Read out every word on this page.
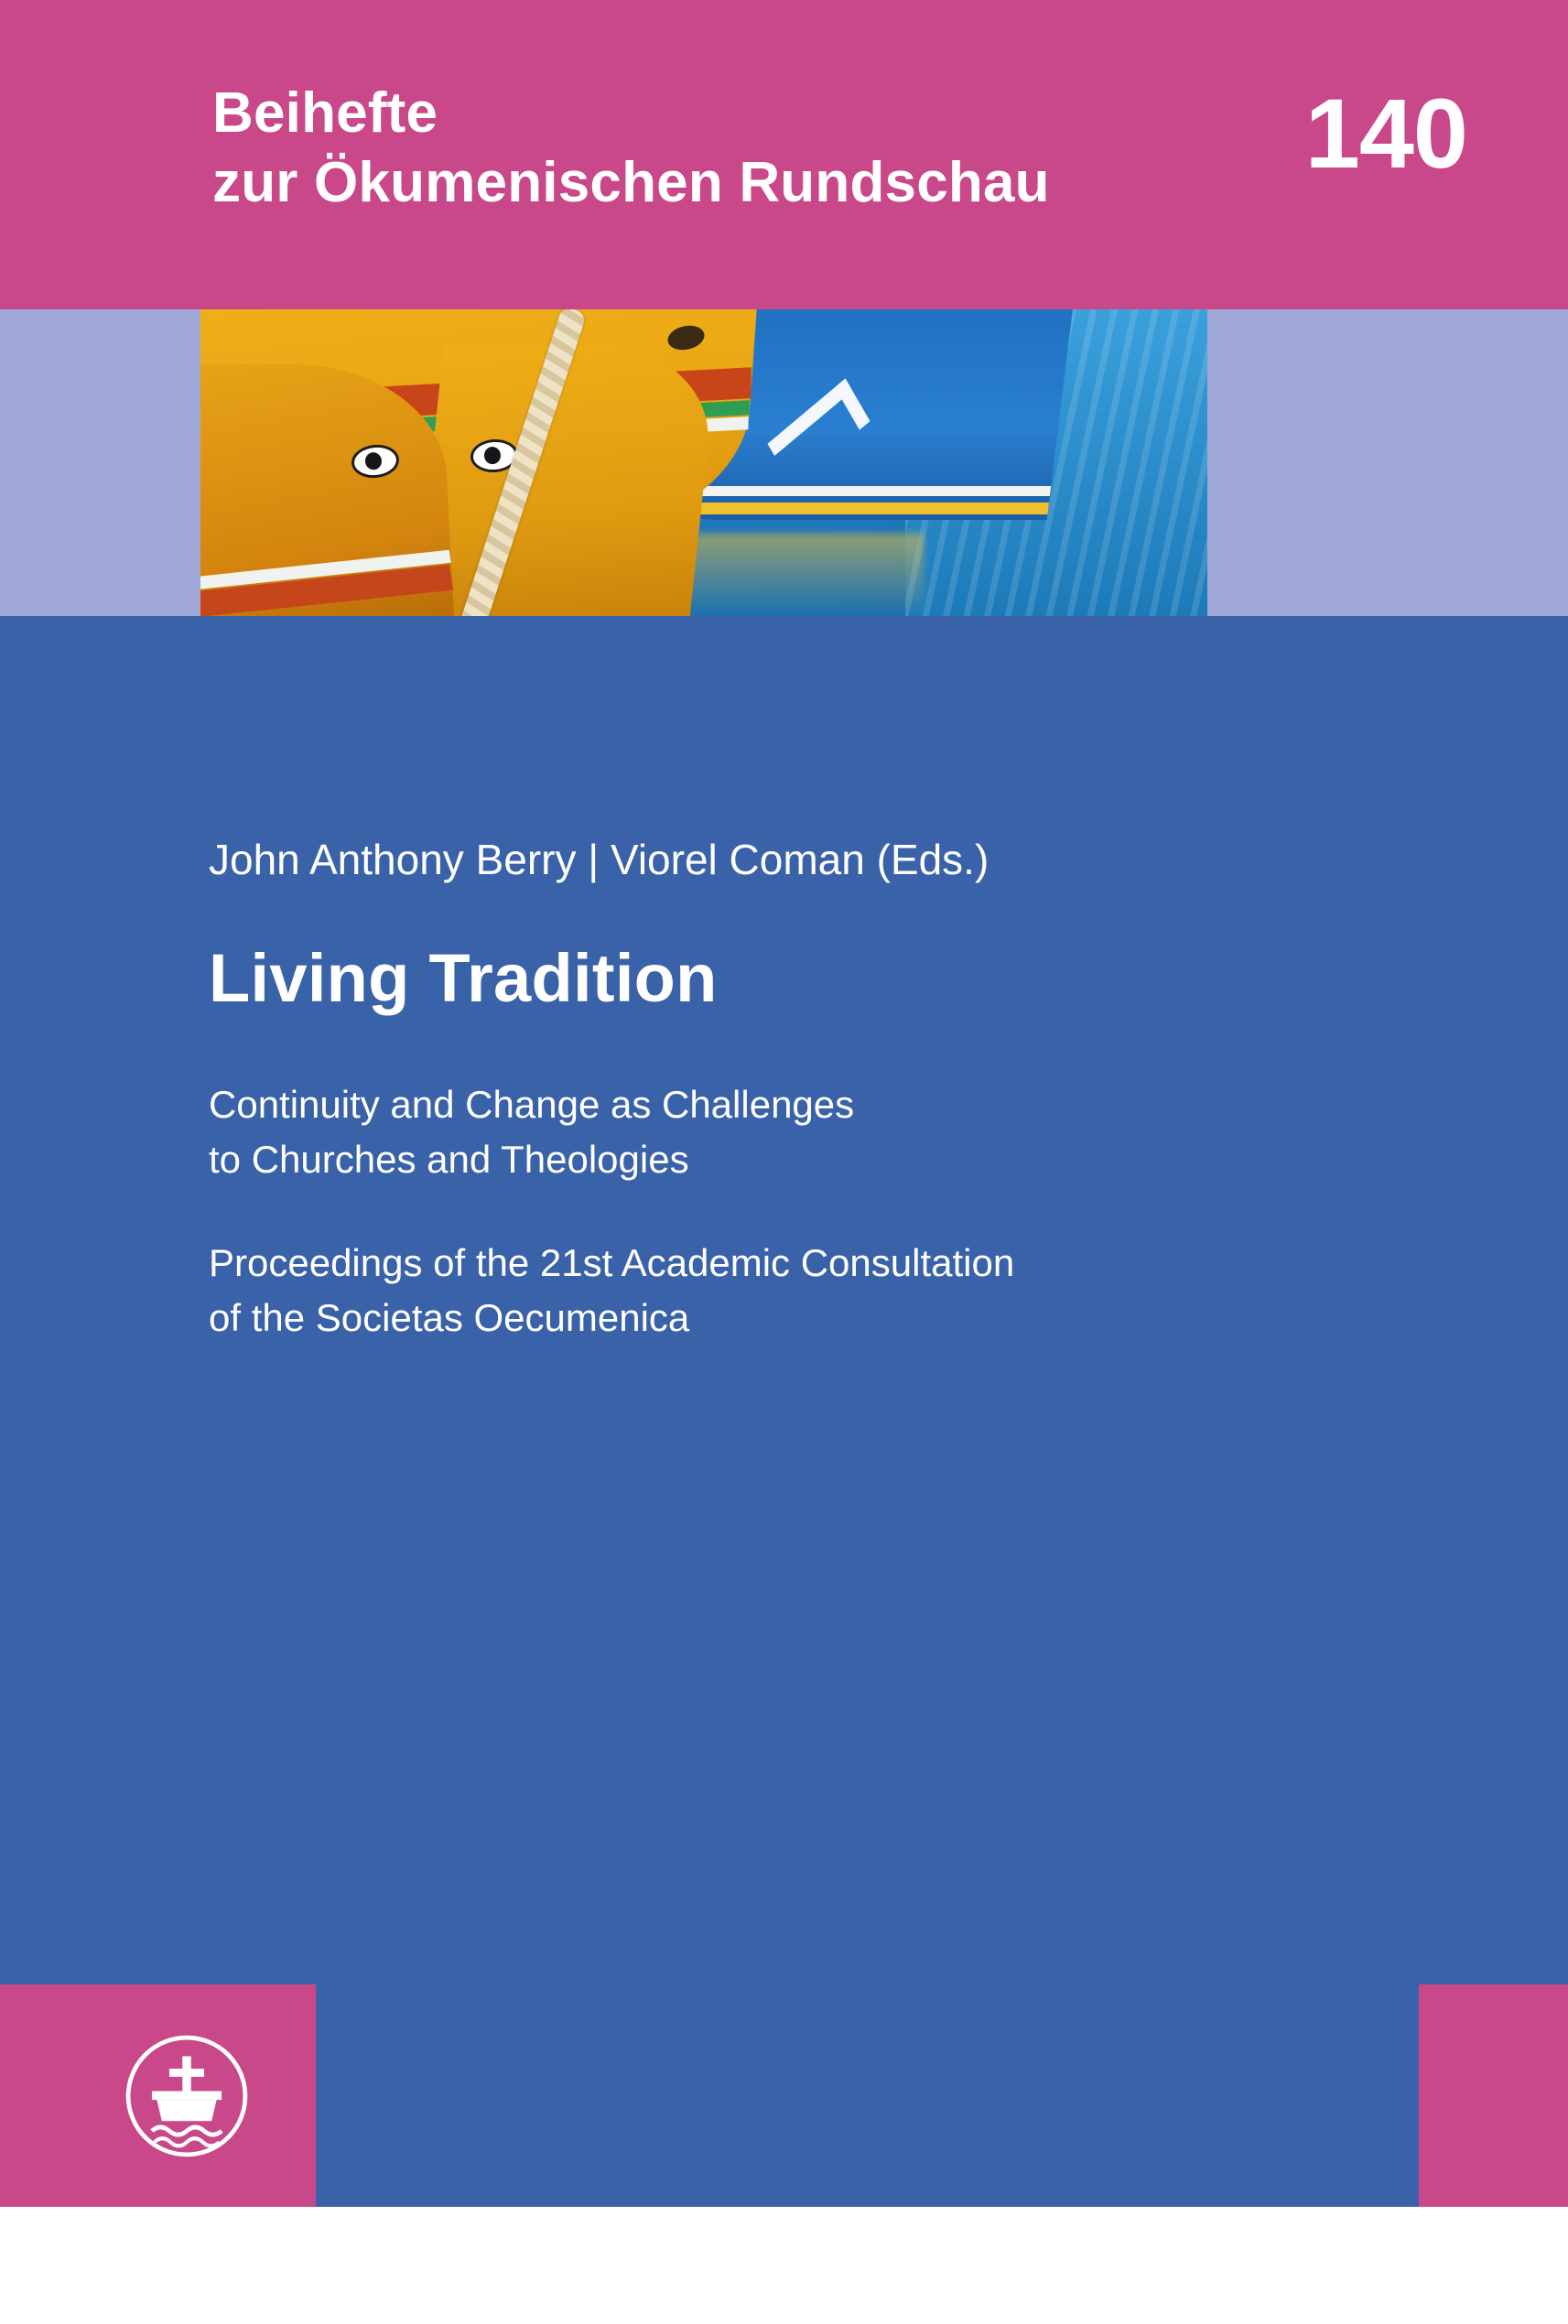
Beihefte
zur Ökumenischen Rundschau	140

John Anthony Berry | Viorel Coman (Eds.)

Living Tradition

Continuity and Change as Challenges
to Churches and Theologies

Proceedings of the 21st Academic Consultation
of the Societas Oecumenica
